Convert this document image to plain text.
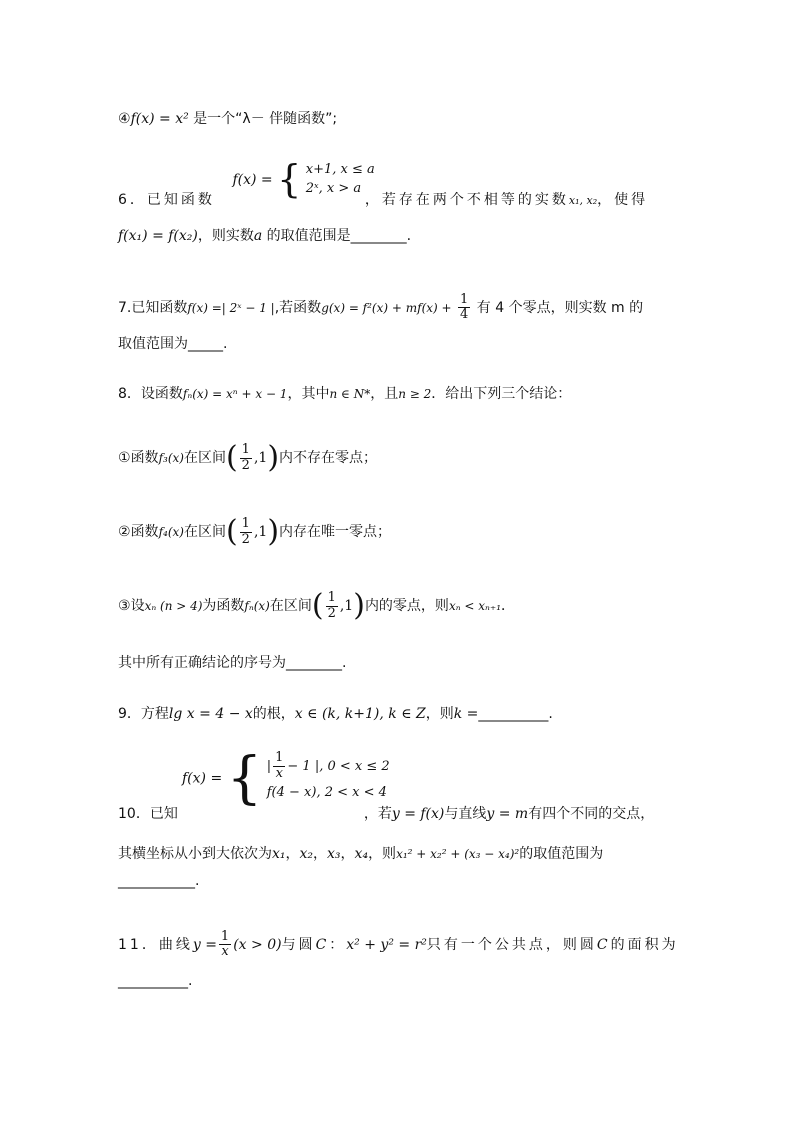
④f(x) = x² 是一个“λ－ 伴随函数”;
f(x) = { x+1, x ≤ a
2ˣ, x > a
6．已知函数	，若存在两个不相等的实数x₁, x₂，使得
f(x₁) = f(x₂)，则实数a 的取值范围是________.
7.已知函数f(x) =| 2ˣ − 1 |,若函数$g(x) = f^2(x) + mf(x) + \frac{1}{4}$ 有 4 个零点，则实数 m 的
取值范围为_____.
8．设函数fₙ(x) = xⁿ + x − 1，其中n ∈ N*，且n ≥ 2．给出下列三个结论：
①函数f₃(x)在区间( $\frac{1}{2} ,1$)内不存在零点；
②函数f₄(x)在区间( $\frac{1}{2} ,1$)内存在唯一零点；
③设xₙ (n > 4)为函数fₙ(x)在区间( $\frac{1}{2} ,1$)内的零点，则xₙ < xₙ₊₁．
其中所有正确结论的序号为________.
9．方程lg x = 4 − x的根，x ∈ (k, k+1), k ∈ Z，则k =__________.
f(x) = { | $\frac{1}{x} - 1$ |, 0 < x ≤ 2
f(4 − x), 2 < x < 4
10．已知	，若y = f(x)与直线y = m有四个不同的交点，
其横坐标从小到大依次为x₁，x₂，x₃，x₄，则x₁² + x₂² + (x₃ − x₄)²的取值范围为
___________.
11．曲线$y = \frac{1}{x} (x > 0)$与圆C：x² + y² = r²只有一个公共点，则圆C的面积为
__________.
